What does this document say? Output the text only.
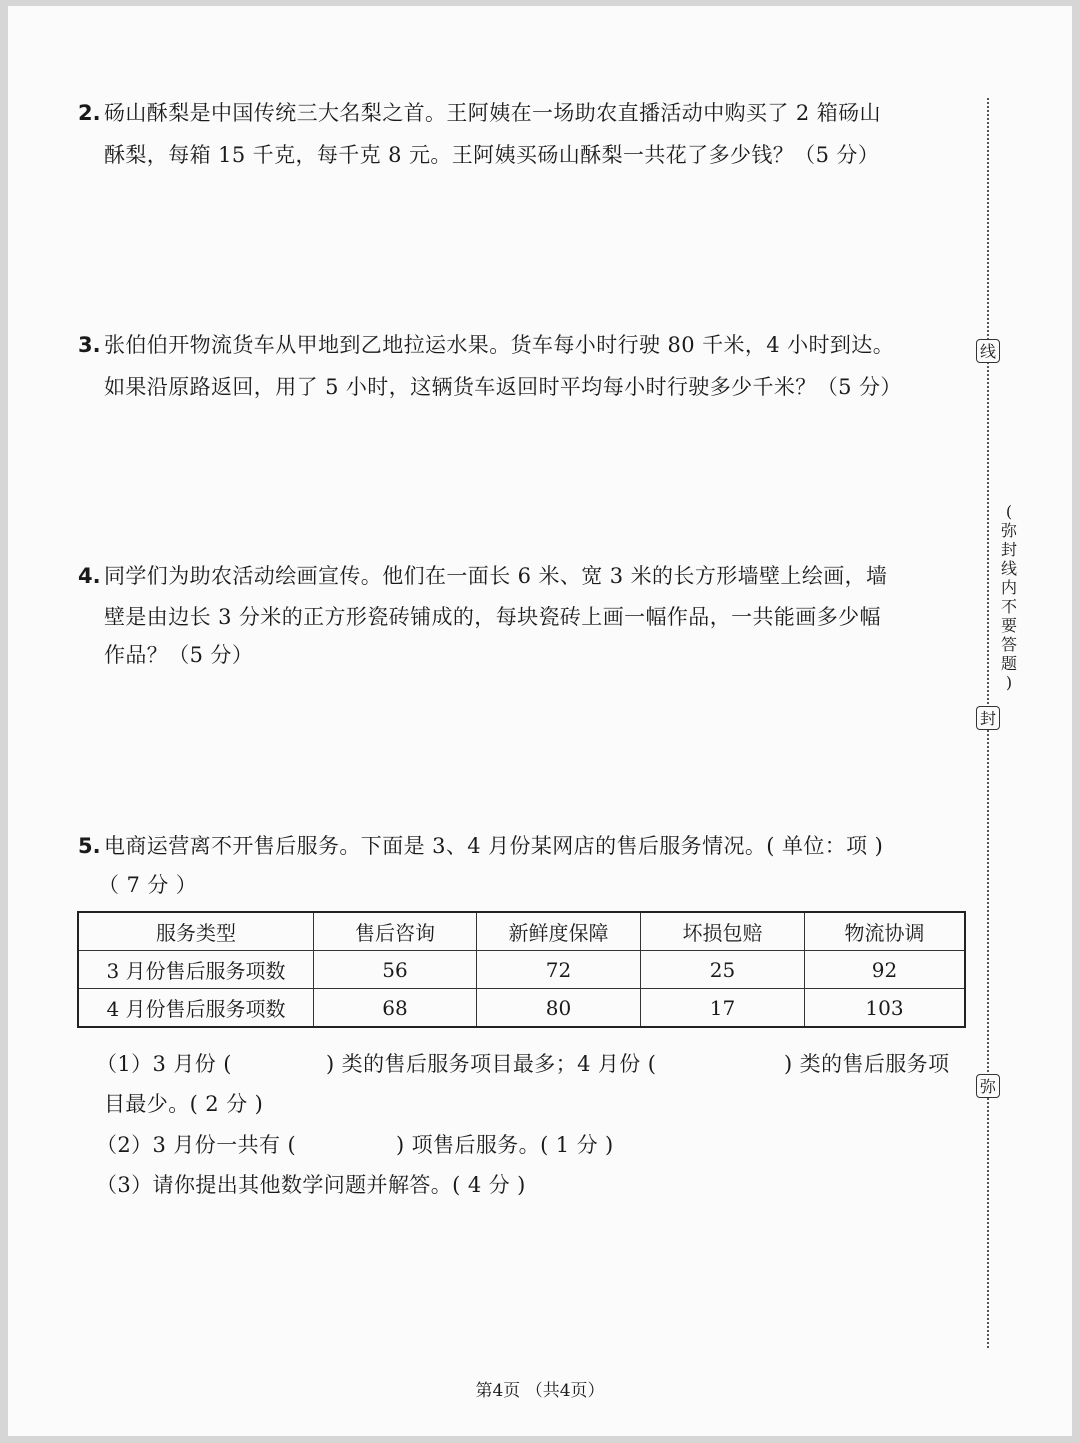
2. 砀山酥梨是中国传统三大名梨之首。王阿姨在一场助农直播活动中购买了 2 箱砀山
酥梨，每箱 15 千克，每千克 8 元。王阿姨买砀山酥梨一共花了多少钱？（5 分）
3. 张伯伯开物流货车从甲地到乙地拉运水果。货车每小时行驶 80 千米，4 小时到达。
如果沿原路返回，用了 5 小时，这辆货车返回时平均每小时行驶多少千米？（5 分）
4. 同学们为助农活动绘画宣传。他们在一面长 6 米、宽 3 米的长方形墙壁上绘画，墙
壁是由边长 3 分米的正方形瓷砖铺成的，每块瓷砖上画一幅作品，一共能画多少幅
作品？（5 分）
5. 电商运营离不开售后服务。下面是 3、4 月份某网店的售后服务情况。( 单位：项 )
（ 7 分 ）
服务类型	售后咨询	新鲜度保障	坏损包赔	物流协调
3 月份售后服务项数	56	72	25	92
4 月份售后服务项数	68	80	17	103
（1）3 月份 (	) 类的售后服务项目最多；4 月份 (	) 类的售后服务项
目最少。( 2 分 )
（2）3 月份一共有 (	) 项售后服务。( 1 分 )
（3）请你提出其他数学问题并解答。( 4 分 )
线
封
弥
(
弥
封
线
内
不
要
答
题
)
第4页 （共4页）
